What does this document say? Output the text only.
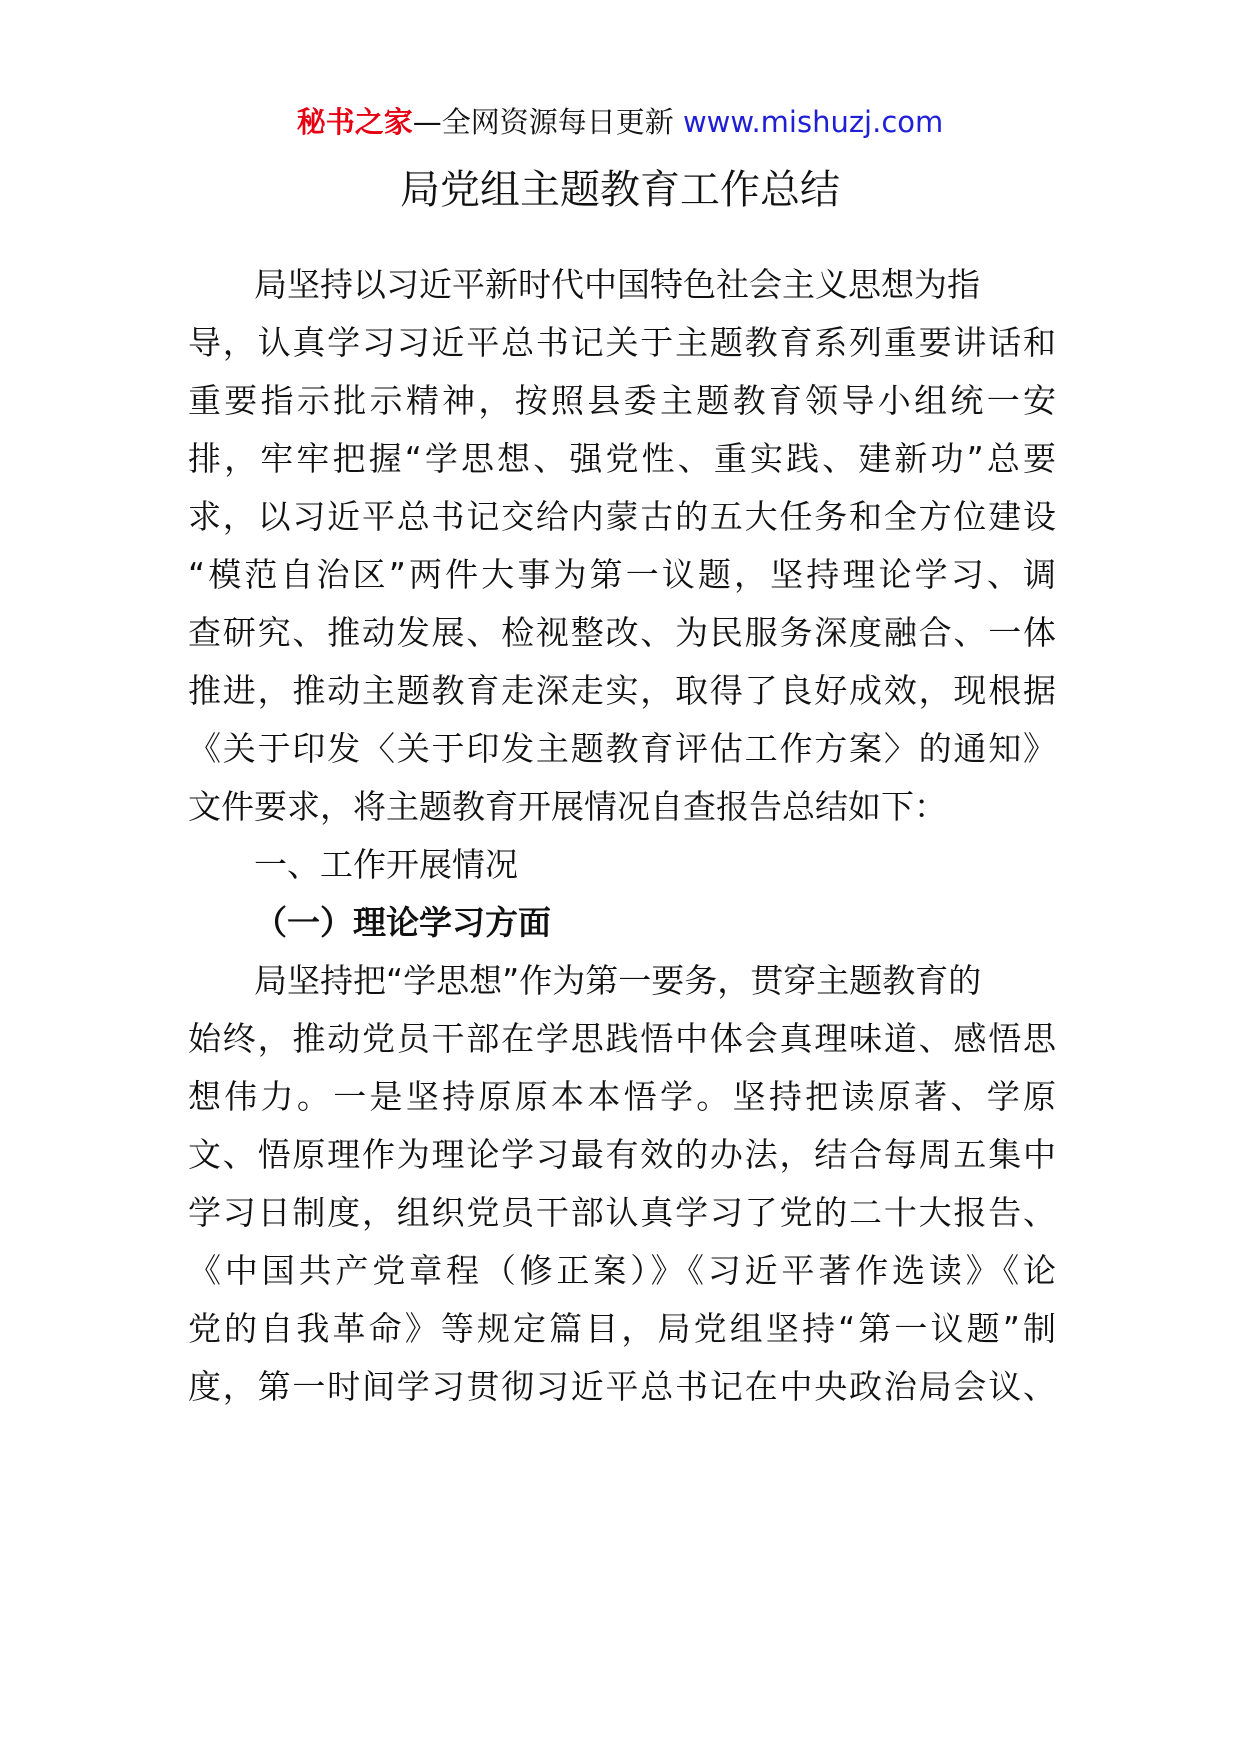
秘书之家—全网资源每日更新 www.mishuzj.com
局党组主题教育工作总结
局坚持以习近平新时代中国特色社会主义思想为指
导，认真学习习近平总书记关于主题教育系列重要讲话和
重要指示批示精神，按照县委主题教育领导小组统一安
排，牢牢把握“学思想、强党性、重实践、建新功”总要
求，以习近平总书记交给内蒙古的五大任务和全方位建设
“模范自治区”两件大事为第一议题，坚持理论学习、调
查研究、推动发展、检视整改、为民服务深度融合、一体
推进，推动主题教育走深走实，取得了良好成效，现根据
《关于印发〈关于印发主题教育评估工作方案〉的通知》
文件要求，将主题教育开展情况自查报告总结如下：
一、工作开展情况
（一）理论学习方面
局坚持把“学思想”作为第一要务，贯穿主题教育的
始终，推动党员干部在学思践悟中体会真理味道、感悟思
想伟力。一是坚持原原本本悟学。坚持把读原著、学原
文、悟原理作为理论学习最有效的办法，结合每周五集中
学习日制度，组织党员干部认真学习了党的二十大报告、
《中国共产党章程（修正案）》《习近平著作选读》《论
党的自我革命》等规定篇目，局党组坚持“第一议题”制
度，第一时间学习贯彻习近平总书记在中央政治局会议、
